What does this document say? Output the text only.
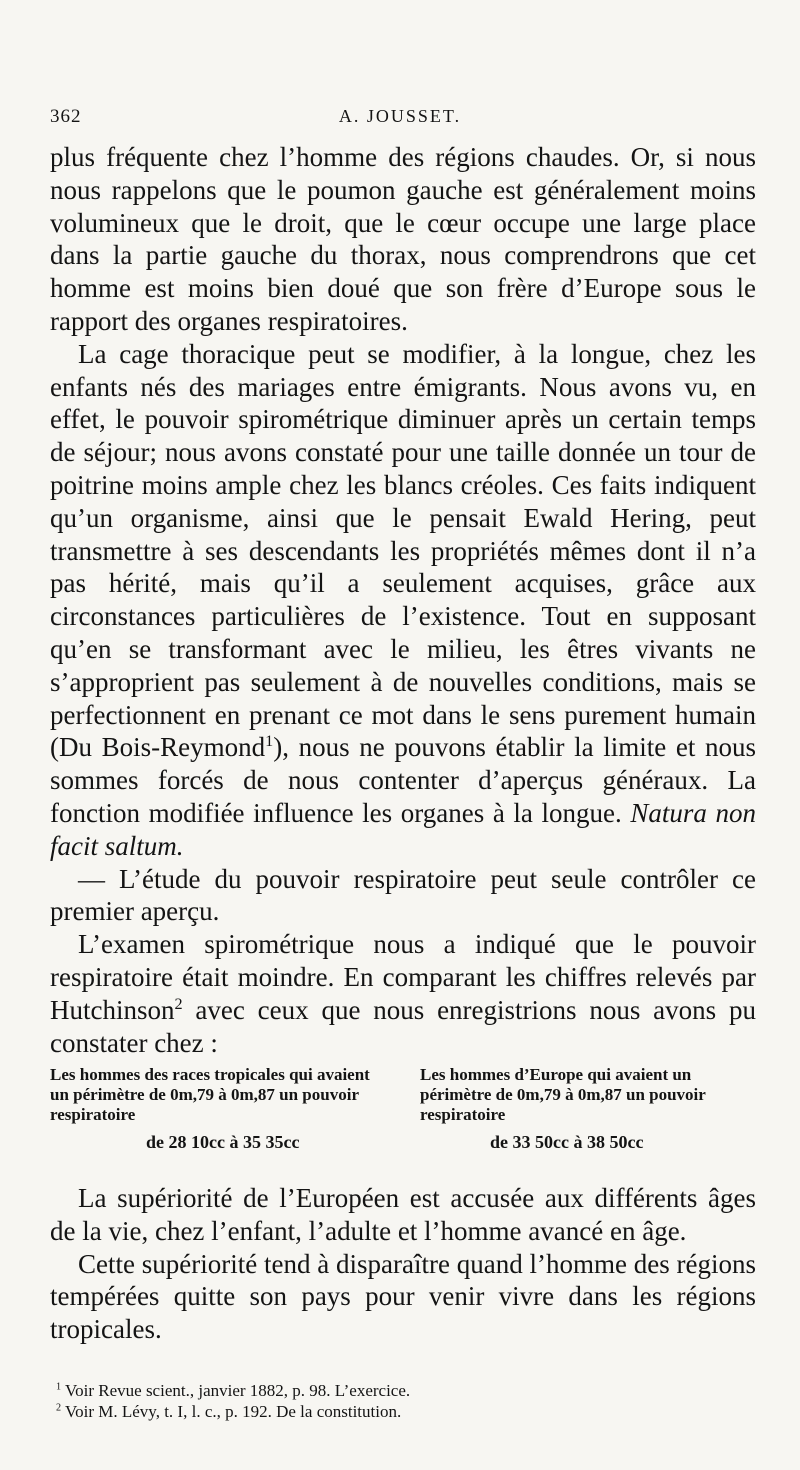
362	A. JOUSSET.

plus fréquente chez l’homme des régions chaudes. Or, si nous nous rappelons que le poumon gauche est généralement moins volumineux que le droit, que le cœur occupe une large place dans la partie gauche du thorax, nous comprendrons que cet homme est moins bien doué que son frère d’Europe sous le rapport des organes respiratoires.

La cage thoracique peut se modifier, à la longue, chez les enfants nés des mariages entre émigrants. Nous avons vu, en effet, le pouvoir spirométrique diminuer après un certain temps de séjour; nous avons constaté pour une taille donnée un tour de poitrine moins ample chez les blancs créoles. Ces faits indiquent qu’un organisme, ainsi que le pensait Ewald Hering, peut transmettre à ses descendants les propriétés mêmes dont il n’a pas hérité, mais qu’il a seulement acquises, grâce aux circonstances particulières de l’existence. Tout en supposant qu’en se transformant avec le milieu, les êtres vivants ne s’approprient pas seulement à de nouvelles conditions, mais se perfectionnent en prenant ce mot dans le sens purement humain (Du Bois-Reymond$^1$), nous ne pouvons établir la limite et nous sommes forcés de nous contenter d’aperçus généraux. La fonction modifiée influence les organes à la longue. Natura non facit saltum.

— L’étude du pouvoir respiratoire peut seule contrôler ce premier aperçu.

L’examen spirométrique nous a indiqué que le pouvoir respiratoire était moindre. En comparant les chiffres relevés par Hutchinson$^2$ avec ceux que nous enregistrions nous avons pu constater chez :

Les hommes des races tropicales qui avaient un périmètre de 0m,79 à 0m,87 un pouvoir respiratoire
de 28 10cc à 35 35cc
Les hommes d’Europe qui avaient un périmètre de 0m,79 à 0m,87 un pouvoir respiratoire
de 33 50cc à 38 50cc

La supériorité de l’Européen est accusée aux différents âges de la vie, chez l’enfant, l’adulte et l’homme avancé en âge.

Cette supériorité tend à disparaître quand l’homme des régions tempérées quitte son pays pour venir vivre dans les régions tropicales.

$^1$ Voir Revue scient., janvier 1882, p. 98. L’exercice.
$^2$ Voir M. Lévy, t. I, l. c., p. 192. De la constitution.
